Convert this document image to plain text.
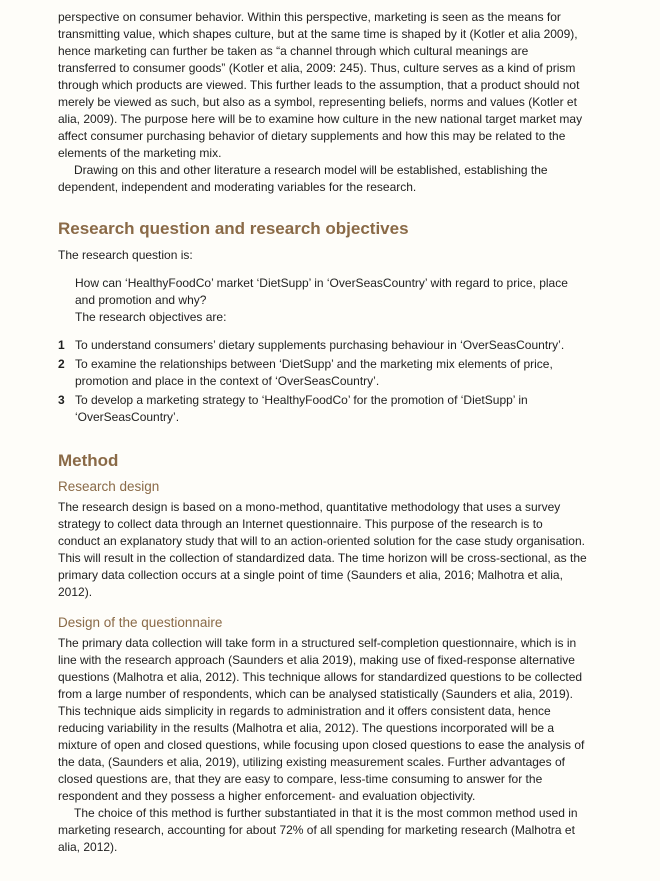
perspective on consumer behavior. Within this perspective, marketing is seen as the means for transmitting value, which shapes culture, but at the same time is shaped by it (Kotler et alia 2009), hence marketing can further be taken as “a channel through which cultural meanings are transferred to consumer goods” (Kotler et alia, 2009: 245). Thus, culture serves as a kind of prism through which products are viewed. This further leads to the assumption, that a product should not merely be viewed as such, but also as a symbol, representing beliefs, norms and values (Kotler et alia, 2009). The purpose here will be to examine how culture in the new national target market may affect consumer purchasing behavior of dietary supplements and how this may be related to the elements of the marketing mix.

Drawing on this and other literature a research model will be established, establishing the dependent, independent and moderating variables for the research.

Research question and research objectives

The research question is:

How can ‘HealthyFoodCo’ market ‘DietSupp’ in ‘OverSeasCountry’ with regard to price, place and promotion and why?

The research objectives are:

1 To understand consumers’ dietary supplements purchasing behaviour in ‘OverSeasCountry’.
2 To examine the relationships between ‘DietSupp’ and the marketing mix elements of price, promotion and place in the context of ‘OverSeasCountry’.
3 To develop a marketing strategy to ‘HealthyFoodCo’ for the promotion of ‘DietSupp’ in ‘OverSeasCountry’.
Method
Research design

The research design is based on a mono-method, quantitative methodology that uses a survey strategy to collect data through an Internet questionnaire. This purpose of the research is to conduct an explanatory study that will to an action-oriented solution for the case study organisation. This will result in the collection of standardized data. The time horizon will be cross-sectional, as the primary data collection occurs at a single point of time (Saunders et alia, 2016; Malhotra et alia, 2012).

Design of the questionnaire

The primary data collection will take form in a structured self-completion questionnaire, which is in line with the research approach (Saunders et alia 2019), making use of fixed-response alternative questions (Malhotra et alia, 2012). This technique allows for standardized questions to be collected from a large number of respondents, which can be analysed statistically (Saunders et alia, 2019). This technique aids simplicity in regards to administration and it offers consistent data, hence reducing variability in the results (Malhotra et alia, 2012). The questions incorporated will be a mixture of open and closed questions, while focusing upon closed questions to ease the analysis of the data, (Saunders et alia, 2019), utilizing existing measurement scales. Further advantages of closed questions are, that they are easy to compare, less-time consuming to answer for the respondent and they possess a higher enforcement- and evaluation objectivity.

The choice of this method is further substantiated in that it is the most common method used in marketing research, accounting for about 72% of all spending for marketing research (Malhotra et alia, 2012).
